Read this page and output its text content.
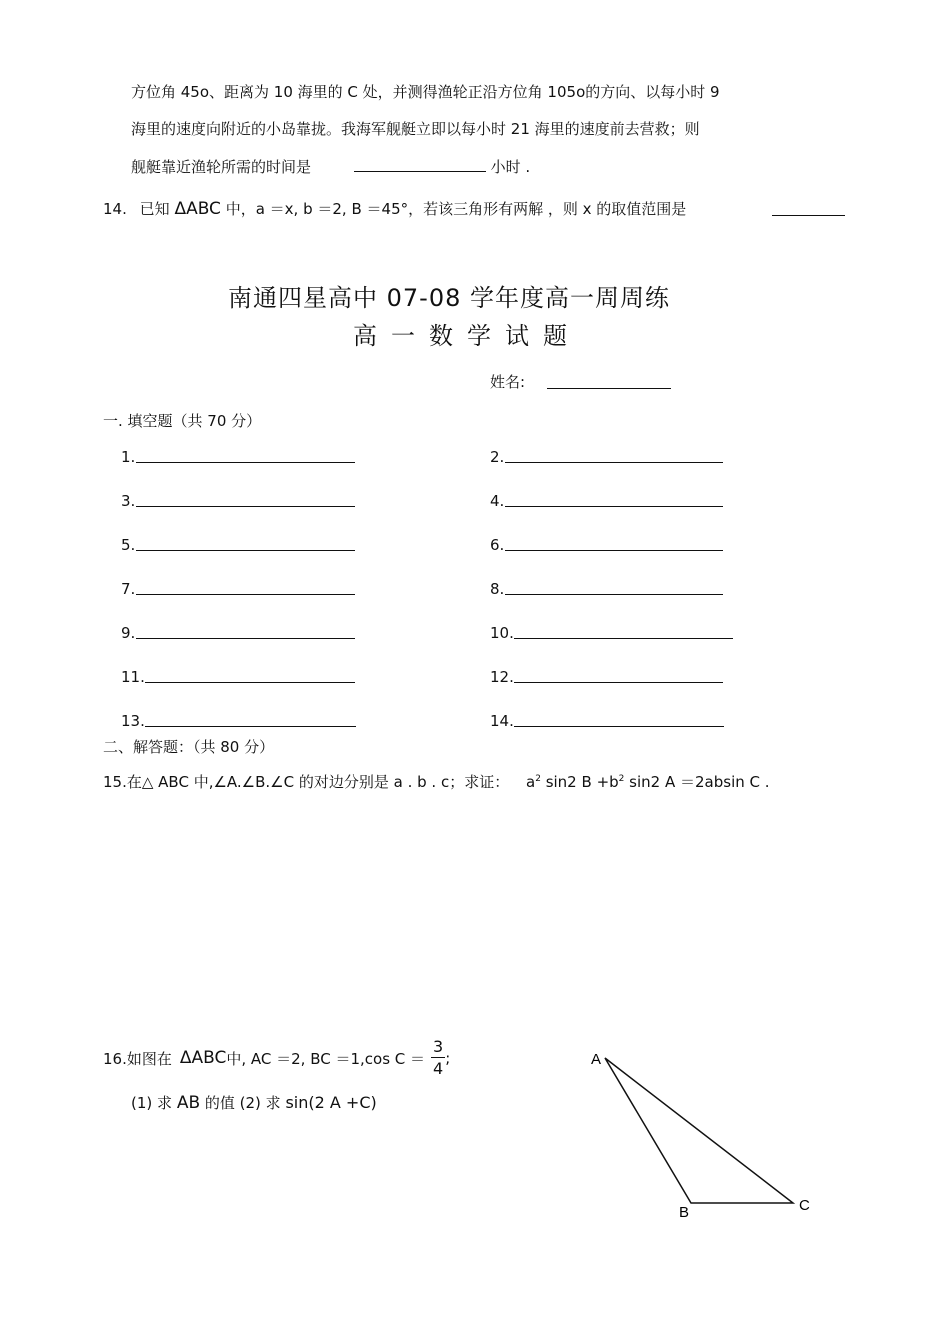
方位角 45o、距离为 10 海里的 C 处，并测得渔轮正沿方位角 105o的方向、以每小时 9
海里的速度向附近的小岛靠拢。我海军舰艇立即以每小时 21 海里的速度前去营救；则
舰艇靠近渔轮所需的时间是	小时 .
14. 已知 ΔABC 中，a ＝x, b ＝2, B ＝45°，若该三角形有两解 ，则 x 的取值范围是
南通四星高中 07-08 学年度高一周周练
高一数学试题
姓名:
一. 填空题（共 70 分）
1.	2.
3.	4.
5.	6.
7.	8.
9.	10.
11.	12.
13.	14.
二、解答题：（共 80 分）
15.在△ ABC 中,∠A.∠B.∠C 的对边分别是 a . b . c；求证： $a^2$ sin2 $B +b^2$ sin2 A ＝2absin C .
16.如图在 ΔABC 中, AC ＝2, BC ＝1,cos $C = \frac{3}{4}$ ;
(1) 求 AB 的值 (2) 求 sin(2 A +C)
A
B	C
